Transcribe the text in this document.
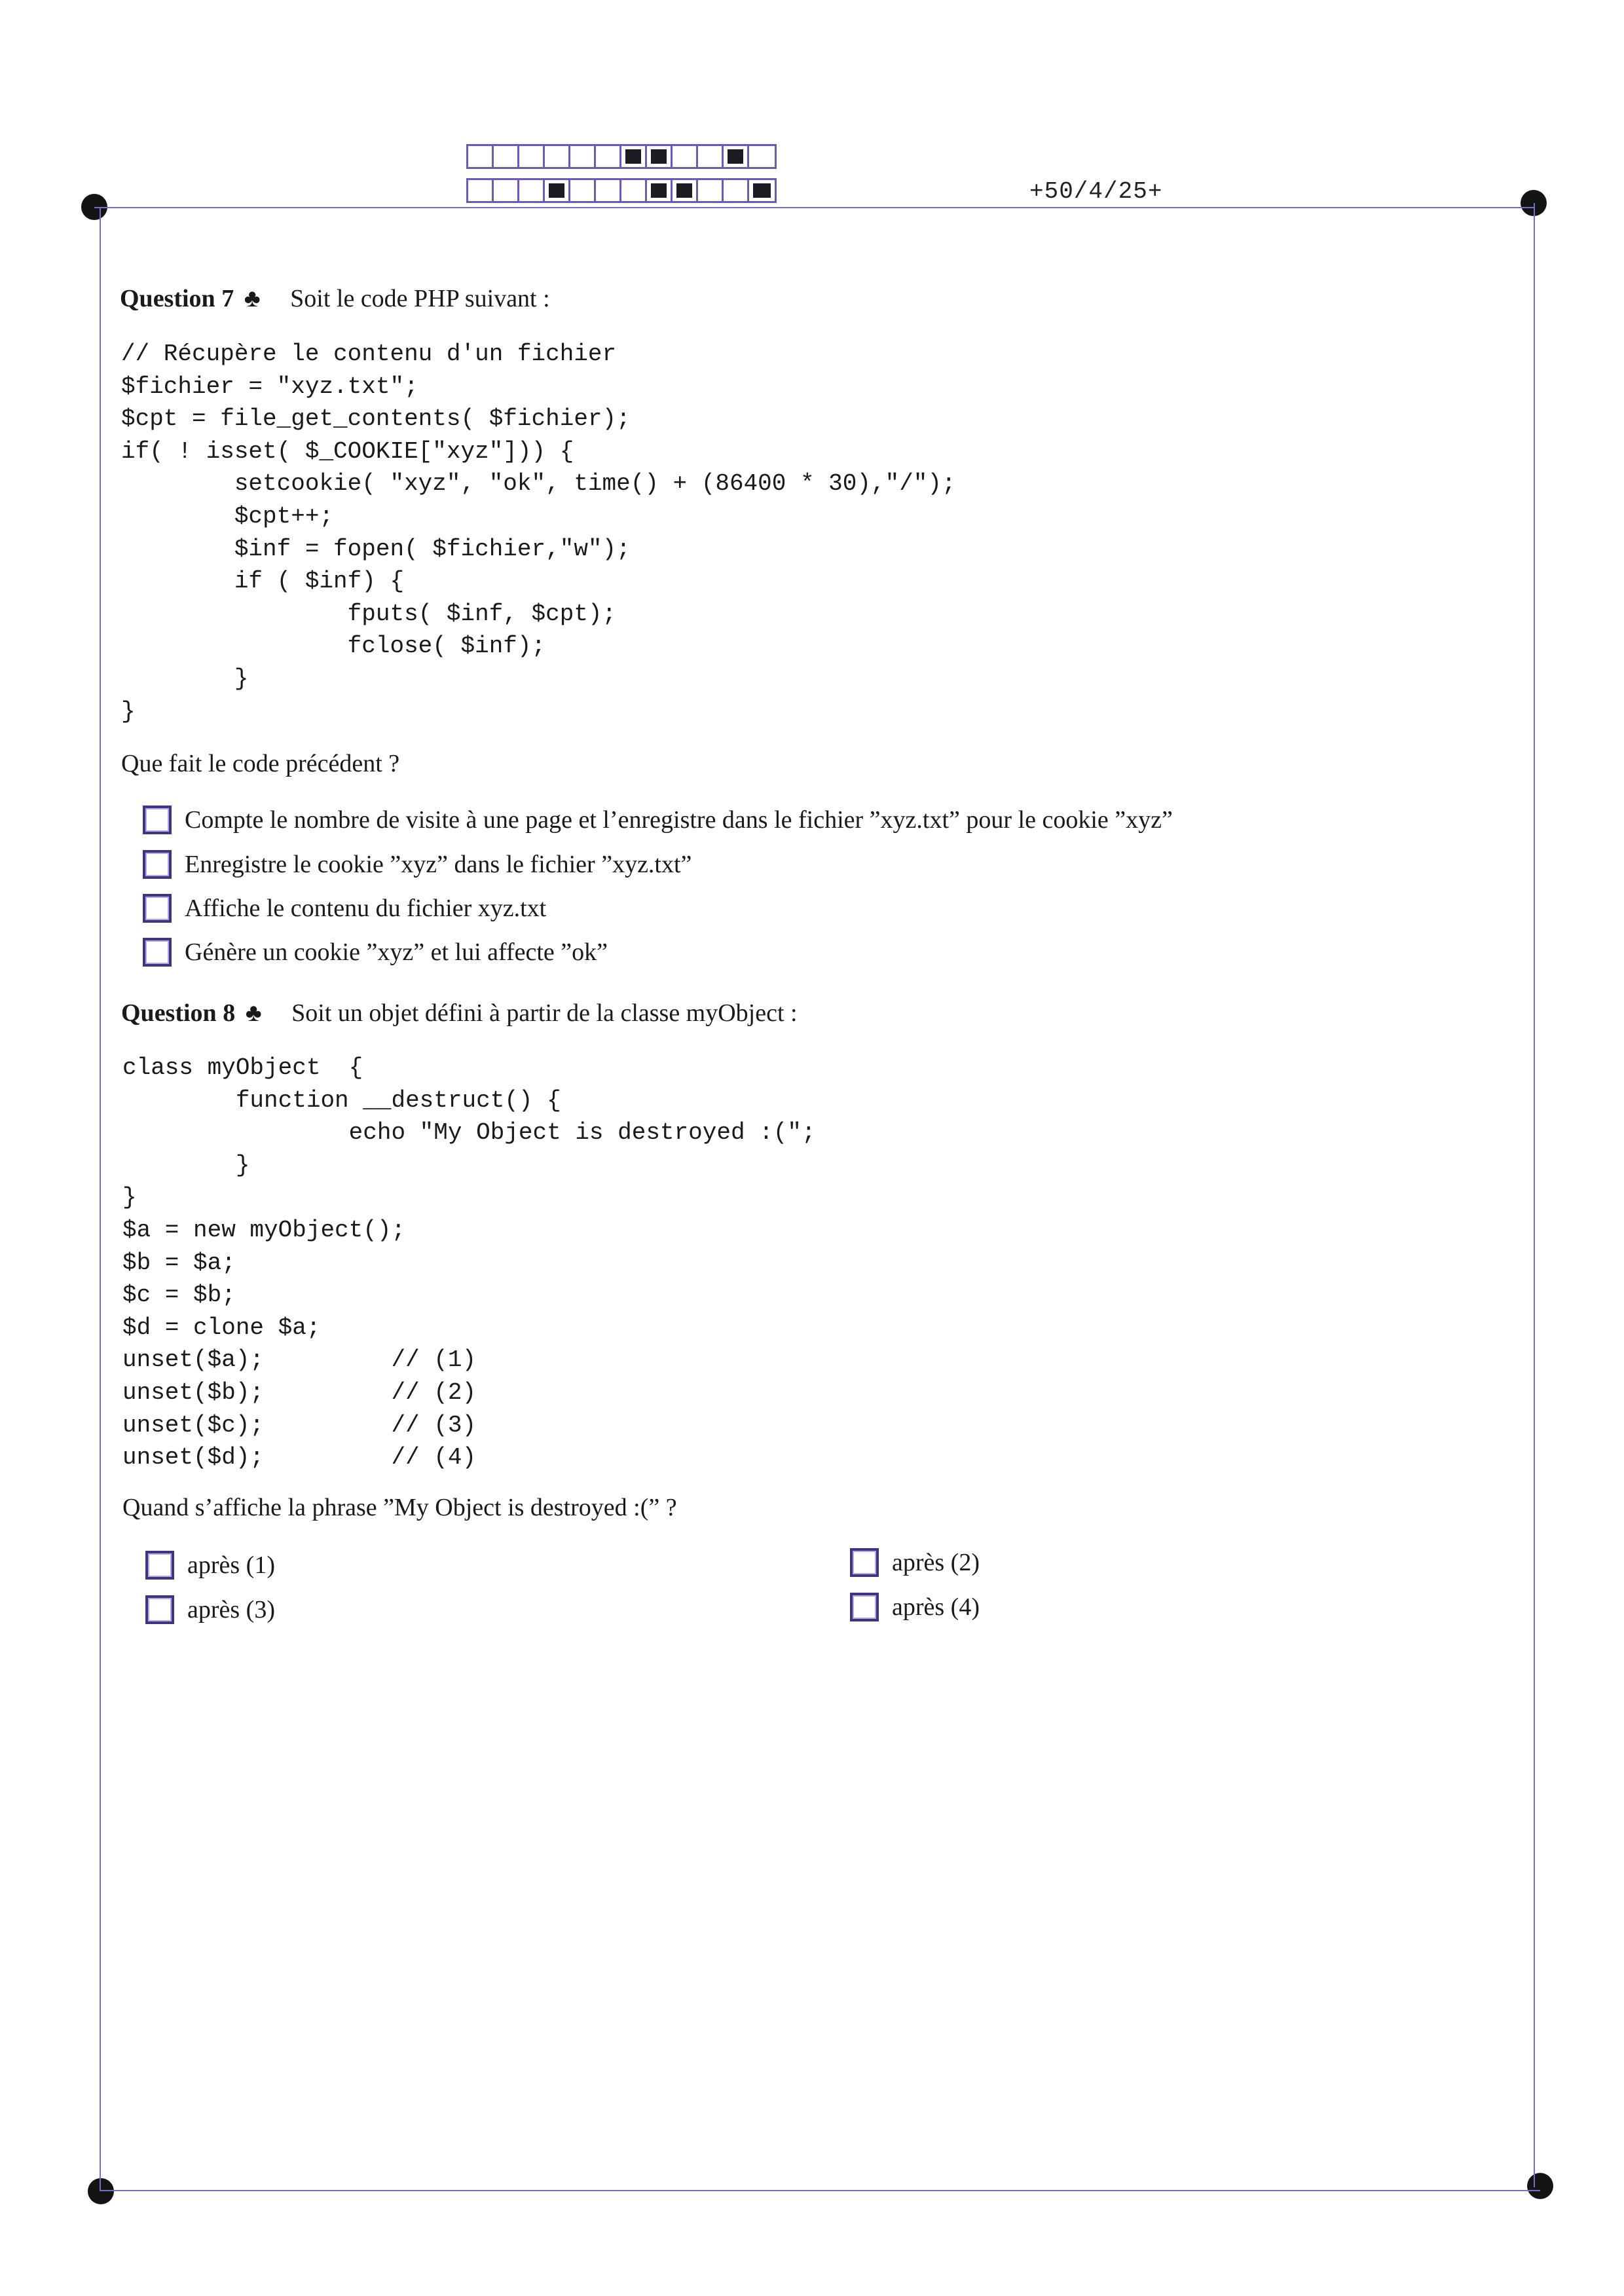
+50/4/25+
Question 7 ♣ Soit le code PHP suivant :
// Récupère le contenu d'un fichier
$fichier = "xyz.txt";
$cpt = file_get_contents( $fichier);
if( ! isset( $_COOKIE["xyz"])) {
setcookie( "xyz", "ok", time() + (86400 * 30),"/");
$cpt++;
$inf = fopen( $fichier,"w");
if ( $inf) {
fputs( $inf, $cpt);
fclose( $inf);
}
}
Que fait le code précédent ?
Compte le nombre de visite à une page et l’enregistre dans le fichier ”xyz.txt” pour le cookie ”xyz”
Enregistre le cookie ”xyz” dans le fichier ”xyz.txt”
Affiche le contenu du fichier xyz.txt
Génère un cookie ”xyz” et lui affecte ”ok”
Question 8 ♣ Soit un objet défini à partir de la classe myObject :
class myObject  {
function __destruct() {
echo "My Object is destroyed :(";
}
}
$a = new myObject();
$b = $a;
$c = $b;
$d = clone $a;
unset($a);         // (1)
unset($b);         // (2)
unset($c);         // (3)
unset($d);         // (4)
Quand s’affiche la phrase ”My Object is destroyed :(” ?
après (1)	après (2)
après (3)	après (4)
